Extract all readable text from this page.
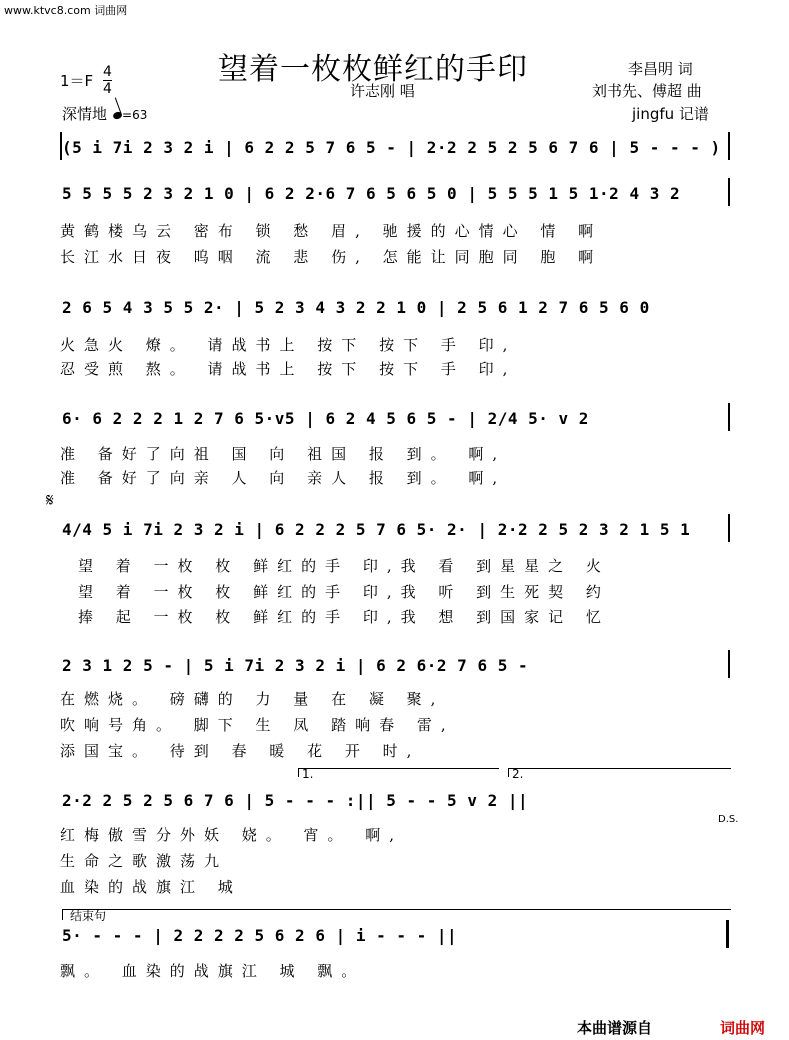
www.ktvc8.com 词曲网
望着一枚枚鲜红的手印	李昌明 词
许志刚 唱	刘书先、傅超 曲
jingfu 记谱
1＝F 4
4
深情地 =63
(5 i 7i 2 3 2 i | 6 2 2 5 7 6 5 - | 2·2 2 5 2 5 6 7 6 | 5 - - - )
5 5 5 5 2 3 2 1 0 | 6 2 2·6 7 6 5 6 5 0 | 5 5 5 1 5 1·2 4 3 2
黄鹤楼乌云 密布 锁 愁 眉, 驰援的心情心 情 啊
长江水日夜 呜咽 流 悲 伤, 怎能让同胞同 胞 啊
2 6 5 4 3 5 5 2· | 5 2 3 4 3 2 2 1 0 | 2 5 6 1 2 7 6 5 6 0
火急火 燎。 请战书上 按下 按下 手 印,
忍受煎 熬。 请战书上 按下 按下 手 印,
6· 6 2 2 2 1 2 7 6 5·v5 | 6 2 4 5 6 5 - | 2/4 5· v 2
准 备好了向祖 国 向 祖国 报 到。 啊,
准 备好了向亲 人 向 亲人 报 到。 啊,
𝄋
4/4 5 i 7i 2 3 2 i | 6 2 2 2 5 7 6 5· 2· | 2·2 2 5 2 3 2 1 5 1
望 着 一枚 枚 鲜红的手 印,我 看 到星星之 火
望 着 一枚 枚 鲜红的手 印,我 听 到生死契 约
捧 起 一枚 枚 鲜红的手 印,我 想 到国家记 忆
2 3 1 2 5 - | 5 i 7i 2 3 2 i | 6 2 6·2 7 6 5 -
在燃烧。 磅礴的 力 量 在 凝 聚,
吹响号角。 脚下 生 凤 踏响春 雷,
添国宝。 待到 春 暖 花 开 时,
1.	2.
2·2 2 5 2 5 6 7 6 | 5 - - - :|| 5 - - 5 v 2 ||
红梅傲雪分外妖 娆。 宵。 啊,
生命之歌激荡九
血染的战旗江 城
D.S.
结束句
5· - - - | 2 2 2 2 5 6 2 6 | i - - - ||
飘。 血染的战旗江 城 飘。
本曲谱源自	词曲网
